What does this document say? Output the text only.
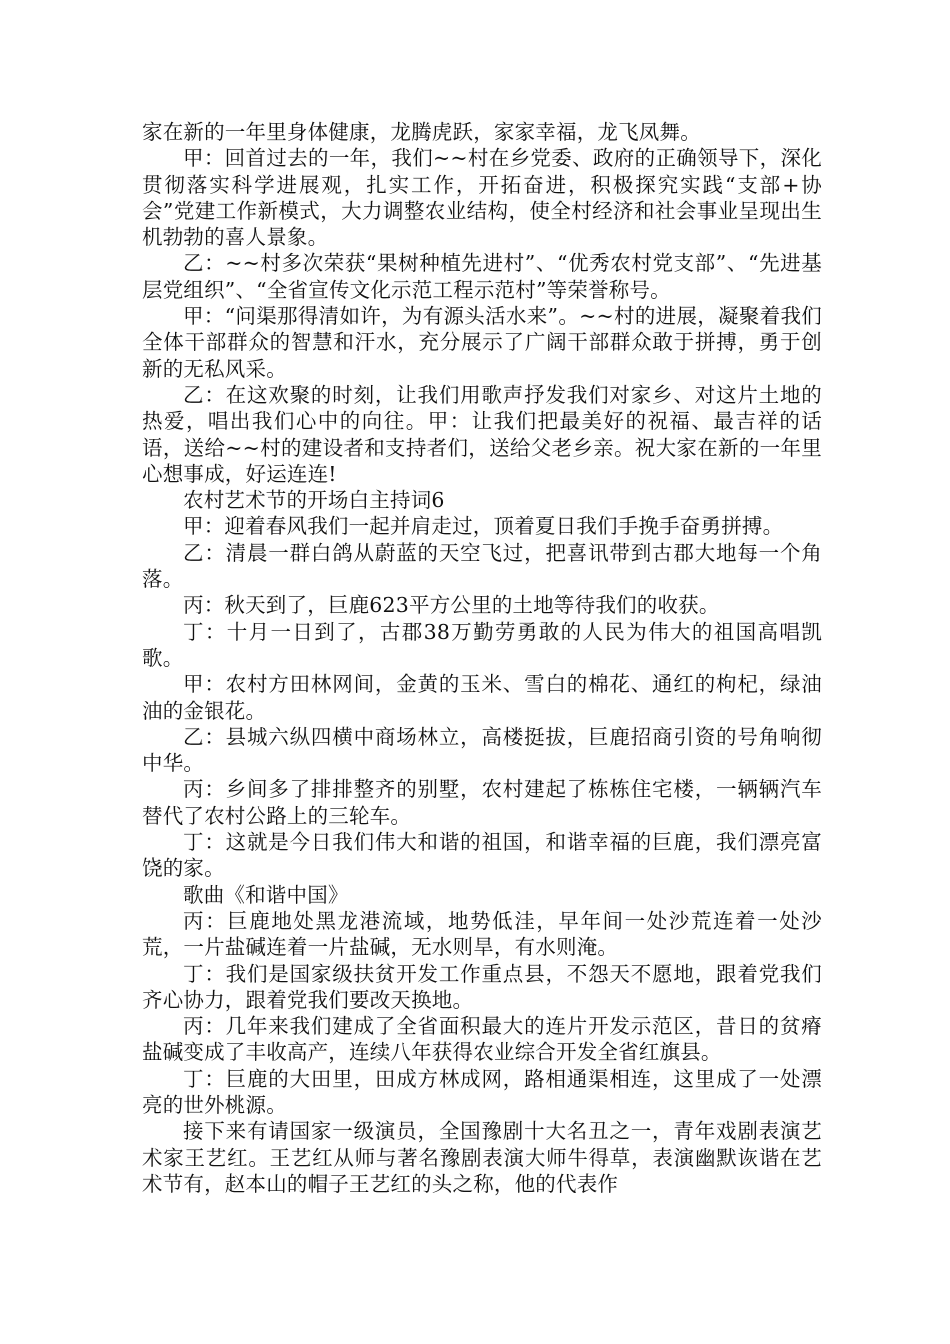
家在新的一年里身体健康，龙腾虎跃，家家幸福，龙飞凤舞。

甲：回首过去的一年，我们~~村在乡党委、政府的正确领导下，深化贯彻落实科学进展观，扎实工作，开拓奋进，积极探究实践“支部+协会”党建工作新模式，大力调整农业结构，使全村经济和社会事业呈现出生机勃勃的喜人景象。

乙：~~村多次荣获“果树种植先进村”、“优秀农村党支部”、“先进基层党组织”、“全省宣传文化示范工程示范村”等荣誉称号。

甲：“问渠那得清如许，为有源头活水来”。~~村的进展，凝聚着我们全体干部群众的智慧和汗水，充分展示了广阔干部群众敢于拼搏，勇于创新的无私风采。

乙：在这欢聚的时刻，让我们用歌声抒发我们对家乡、对这片土地的热爱，唱出我们心中的向往。甲：让我们把最美好的祝福、最吉祥的话语，送给~~村的建设者和支持者们，送给父老乡亲。祝大家在新的一年里心想事成，好运连连!

农村艺术节的开场白主持词6

甲：迎着春风我们一起并肩走过，顶着夏日我们手挽手奋勇拼搏。

乙：清晨一群白鸽从蔚蓝的天空飞过，把喜讯带到古郡大地每一个角落。

丙：秋天到了，巨鹿623平方公里的土地等待我们的收获。

丁：十月一日到了，古郡38万勤劳勇敢的人民为伟大的祖国高唱凯歌。

甲：农村方田林网间，金黄的玉米、雪白的棉花、通红的枸杞，绿油油的金银花。

乙：县城六纵四横中商场林立，高楼挺拔，巨鹿招商引资的号角响彻中华。

丙：乡间多了排排整齐的别墅，农村建起了栋栋住宅楼，一辆辆汽车替代了农村公路上的三轮车。

丁：这就是今日我们伟大和谐的祖国，和谐幸福的巨鹿，我们漂亮富饶的家。

歌曲《和谐中国》

丙：巨鹿地处黑龙港流域，地势低洼，早年间一处沙荒连着一处沙荒，一片盐碱连着一片盐碱，无水则旱，有水则淹。

丁：我们是国家级扶贫开发工作重点县，不怨天不愿地，跟着党我们齐心协力，跟着党我们要改天换地。

丙：几年来我们建成了全省面积最大的连片开发示范区，昔日的贫瘠盐碱变成了丰收高产，连续八年获得农业综合开发全省红旗县。

丁：巨鹿的大田里，田成方林成网，路相通渠相连，这里成了一处漂亮的世外桃源。

接下来有请国家一级演员，全国豫剧十大名丑之一，青年戏剧表演艺术家王艺红。王艺红从师与著名豫剧表演大师牛得草，表演幽默诙谐在艺术节有，赵本山的帽子王艺红的头之称，他的代表作
